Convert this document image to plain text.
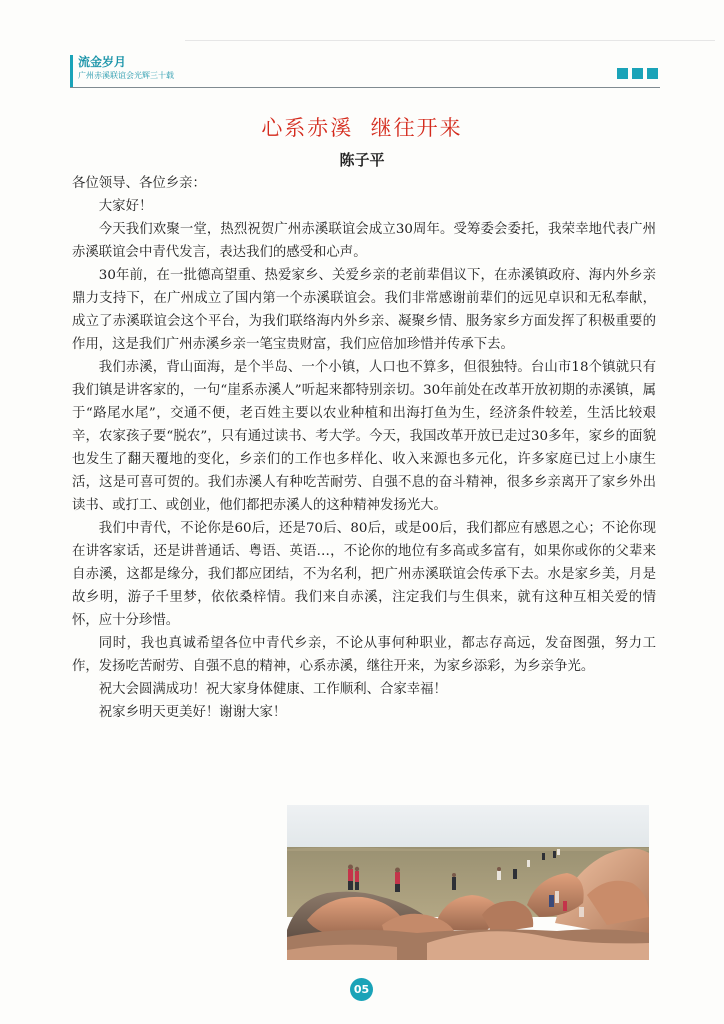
流金岁月
广州赤溪联谊会光辉三十载
心系赤溪  继往开来
陈子平

各位领导、各位乡亲：

大家好！

今天我们欢聚一堂，热烈祝贺广州赤溪联谊会成立30周年。受筹委会委托，我荣幸地代表广州赤溪联谊会中青代发言，表达我们的感受和心声。

30年前，在一批德高望重、热爱家乡、关爱乡亲的老前辈倡议下，在赤溪镇政府、海内外乡亲鼎力支持下，在广州成立了国内第一个赤溪联谊会。我们非常感谢前辈们的远见卓识和无私奉献，成立了赤溪联谊会这个平台，为我们联络海内外乡亲、凝聚乡情、服务家乡方面发挥了积极重要的作用，这是我们广州赤溪乡亲一笔宝贵财富，我们应倍加珍惜并传承下去。

我们赤溪，背山面海，是个半岛、一个小镇，人口也不算多，但很独特。台山市18个镇就只有我们镇是讲客家的，一句“崖系赤溪人”听起来都特别亲切。30年前处在改革开放初期的赤溪镇，属于“路尾水尾”，交通不便，老百姓主要以农业种植和出海打鱼为生，经济条件较差，生活比较艰辛，农家孩子要“脱农”，只有通过读书、考大学。今天，我国改革开放已走过30多年，家乡的面貌也发生了翻天覆地的变化，乡亲们的工作也多样化、收入来源也多元化，许多家庭已过上小康生活，这是可喜可贺的。我们赤溪人有种吃苦耐劳、自强不息的奋斗精神，很多乡亲离开了家乡外出读书、或打工、或创业，他们都把赤溪人的这种精神发扬光大。

我们中青代，不论你是60后，还是70后、80后，或是00后，我们都应有感恩之心；不论你现在讲客家话，还是讲普通话、粤语、英语…，不论你的地位有多高或多富有，如果你或你的父辈来自赤溪，这都是缘分，我们都应团结，不为名利，把广州赤溪联谊会传承下去。水是家乡美，月是故乡明，游子千里梦，依依桑梓情。我们来自赤溪，注定我们与生俱来，就有这种互相关爱的情怀，应十分珍惜。

同时，我也真诚希望各位中青代乡亲，不论从事何种职业，都志存高远，发奋图强，努力工作，发扬吃苦耐劳、自强不息的精神，心系赤溪，继往开来，为家乡添彩，为乡亲争光。

祝大会圆满成功！祝大家身体健康、工作顺利、合家幸福！

祝家乡明天更美好！谢谢大家！

05
